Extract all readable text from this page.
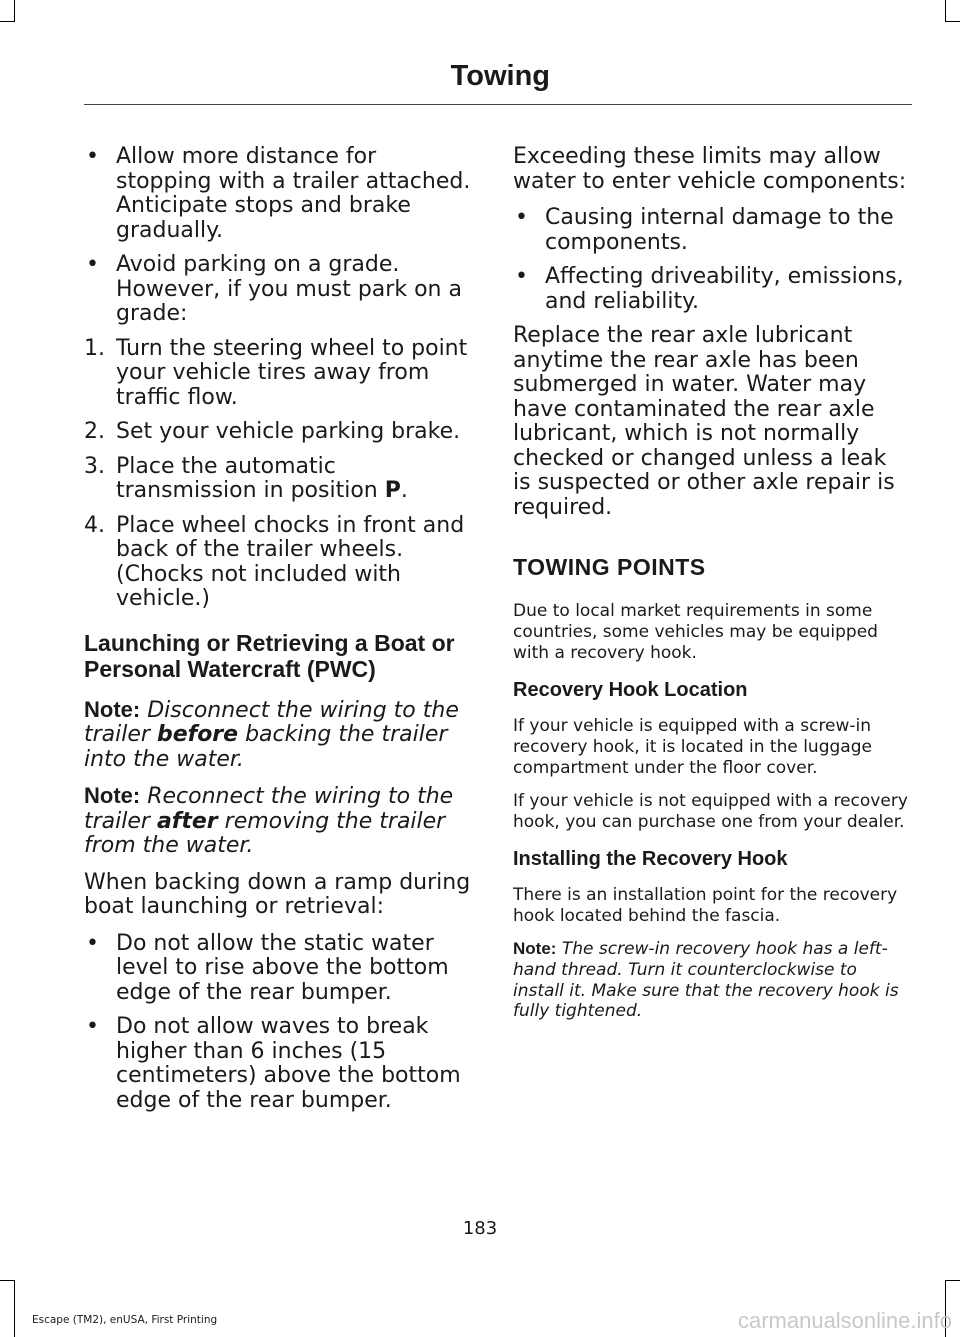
Towing
• Allow more distance for stopping with a trailer attached. Anticipate stops and brake gradually.
• Avoid parking on a grade. However, if you must park on a grade:
1. Turn the steering wheel to point your vehicle tires away from traffic flow.
2. Set your vehicle parking brake.
3. Place the automatic transmission in position P.
4. Place wheel chocks in front and back of the trailer wheels. (Chocks not included with vehicle.)
Launching or Retrieving a Boat or Personal Watercraft (PWC)
Note: Disconnect the wiring to the trailer before backing the trailer into the water.
Note: Reconnect the wiring to the trailer after removing the trailer from the water.
When backing down a ramp during boat launching or retrieval:
• Do not allow the static water level to rise above the bottom edge of the rear bumper.
• Do not allow waves to break higher than 6 inches (15 centimeters) above the bottom edge of the rear bumper.
Exceeding these limits may allow water to enter vehicle components:
• Causing internal damage to the components.
• Affecting driveability, emissions, and reliability.
Replace the rear axle lubricant anytime the rear axle has been submerged in water. Water may have contaminated the rear axle lubricant, which is not normally checked or changed unless a leak is suspected or other axle repair is required.
TOWING POINTS
Due to local market requirements in some countries, some vehicles may be equipped with a recovery hook.
Recovery Hook Location
If your vehicle is equipped with a screw-in recovery hook, it is located in the luggage compartment under the floor cover.
If your vehicle is not equipped with a recovery hook, you can purchase one from your dealer.
Installing the Recovery Hook
There is an installation point for the recovery hook located behind the fascia.
Note: The screw-in recovery hook has a left-hand thread. Turn it counterclockwise to install it. Make sure that the recovery hook is fully tightened.
183
Escape (TM2), enUSA, First Printing	carmanualsonline.info
